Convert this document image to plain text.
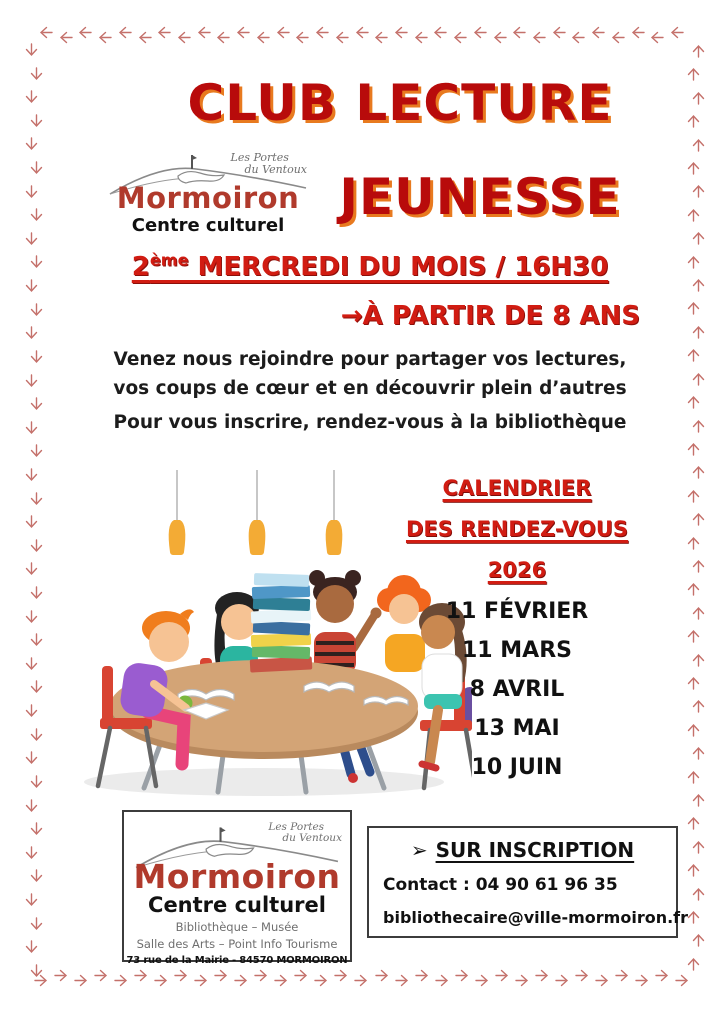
CLUB LECTURE
JEUNESSE
Les Portes
du Ventoux
Mormoiron
Centre culturel
2ème MERCREDI DU MOIS / 16H30
→À PARTIR DE 8 ANS

Venez nous rejoindre pour partager vos lectures,

vos coups de cœur et en découvrir plein d’autres

Pour vous inscrire, rendez-vous à la bibliothèque

CALENDRIER
DES RENDEZ-VOUS
2026
11 FÉVRIER
11 MARS
8 AVRIL
13 MAI
10 JUIN
Les Portes
du Ventoux
Mormoiron
Centre culturel
Bibliothèque – Musée
Salle des Arts – Point Info Tourisme
73 rue de la Mairie - 84570 MORMOIRON
➢ SUR INSCRIPTION
Contact : 04 90 61 96 35
bibliothecaire@ville-mormoiron.fr
